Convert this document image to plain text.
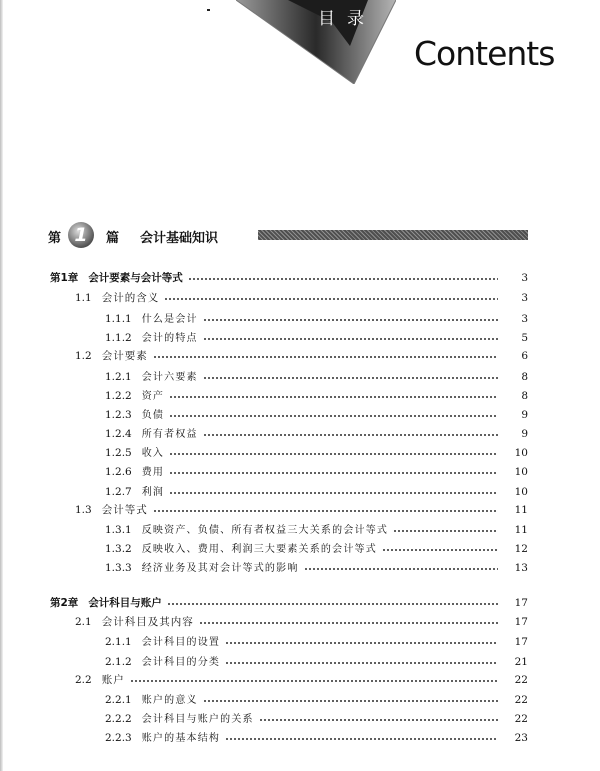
目录
Contents
第 1	篇 会计基础知识
第1章 会计要素与会计等式	3
1.1 会计的含义	3
1.1.1	什么是会计	3
1.1.2	会计的特点	5
1.2 会计要素	6
1.2.1	会计六要素	8
1.2.2	资产	8
1.2.3	负债	9
1.2.4	所有者权益	9
1.2.5	收入	10
1.2.6	费用	10
1.2.7	利润	10
1.3 会计等式	11
1.3.1	反映资产、负债、所有者权益三大关系的会计等式	11
1.3.2	反映收入、费用、利润三大要素关系的会计等式	12
1.3.3	经济业务及其对会计等式的影响	13
第2章 会计科目与账户	17
2.1 会计科目及其内容	17
2.1.1	会计科目的设置	17
2.1.2	会计科目的分类	21
2.2 账户	22
2.2.1	账户的意义	22
2.2.2	会计科目与账户的关系	22
2.2.3	账户的基本结构	23
